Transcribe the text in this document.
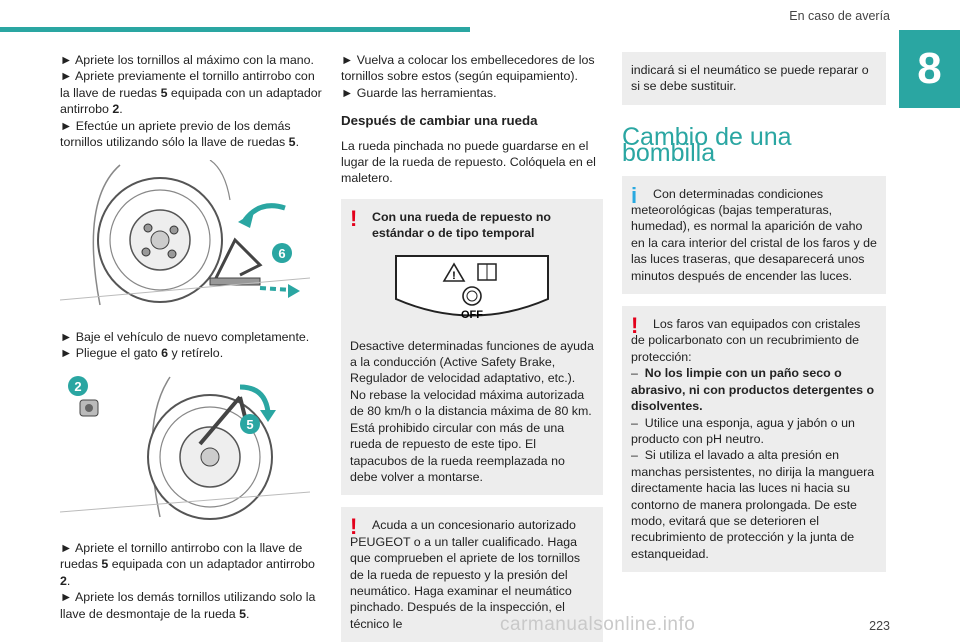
En caso de avería
8

► Apriete los tornillos al máximo con la mano.

► Apriete previamente el tornillo antirrobo con la llave de ruedas 5 equipada con un adaptador antirrobo 2.

► Efectúe un apriete previo de los demás tornillos utilizando sólo la llave de ruedas 5.

6

► Baje el vehículo de nuevo completamente.

► Pliegue el gato 6 y retírelo.

2
5

► Apriete el tornillo antirrobo con la llave de ruedas 5 equipada con un adaptador antirrobo 2.

► Apriete los demás tornillos utilizando solo la llave de desmontaje de la rueda 5.

► Vuelva a colocar los embellecedores de los tornillos sobre estos (según equipamiento).

► Guarde las herramientas.

Después de cambiar una rueda

La rueda pinchada no puede guardarse en el lugar de la rueda de repuesto. Colóquela en el maletero.

!	Con una rueda de repuesto no estándar o de tipo temporal

!
OFF

Desactive determinadas funciones de ayuda a la conducción (Active Safety Brake, Regulador de velocidad adaptativo, etc.). No rebase la velocidad máxima autorizada de 80 km/h o la distancia máxima de 80 km. Está prohibido circular con más de una rueda de repuesto de este tipo. El tapacubos de la rueda reemplazada no debe volver a montarse.

!	Acuda a un concesionario autorizado PEUGEOT o a un taller cualificado. Haga que comprueben el apriete de los tornillos de la rueda de repuesto y la presión del neumático. Haga examinar el neumático pinchado. Después de la inspección, el técnico le

indicará si el neumático se puede reparar o si se debe sustituir.

Cambio de una bombilla
i	Con determinadas condiciones meteorológicas (bajas temperaturas, humedad), es normal la aparición de vaho en la cara interior del cristal de los faros y de las luces traseras, que desaparecerá unos minutos después de encender las luces.

!	Los faros van equipados con cristales de policarbonato con un recubrimiento de protección:

–  No los limpie con un paño seco o abrasivo, ni con productos detergentes o disolventes.

–  Utilice una esponja, agua y jabón o un producto con pH neutro.

–  Si utiliza el lavado a alta presión en manchas persistentes, no dirija la manguera directamente hacia las luces ni hacia su contorno de manera prolongada. De este modo, evitará que se deterioren el recubrimiento de protección y la junta de estanqueidad.

carmanualsonline.info	223
